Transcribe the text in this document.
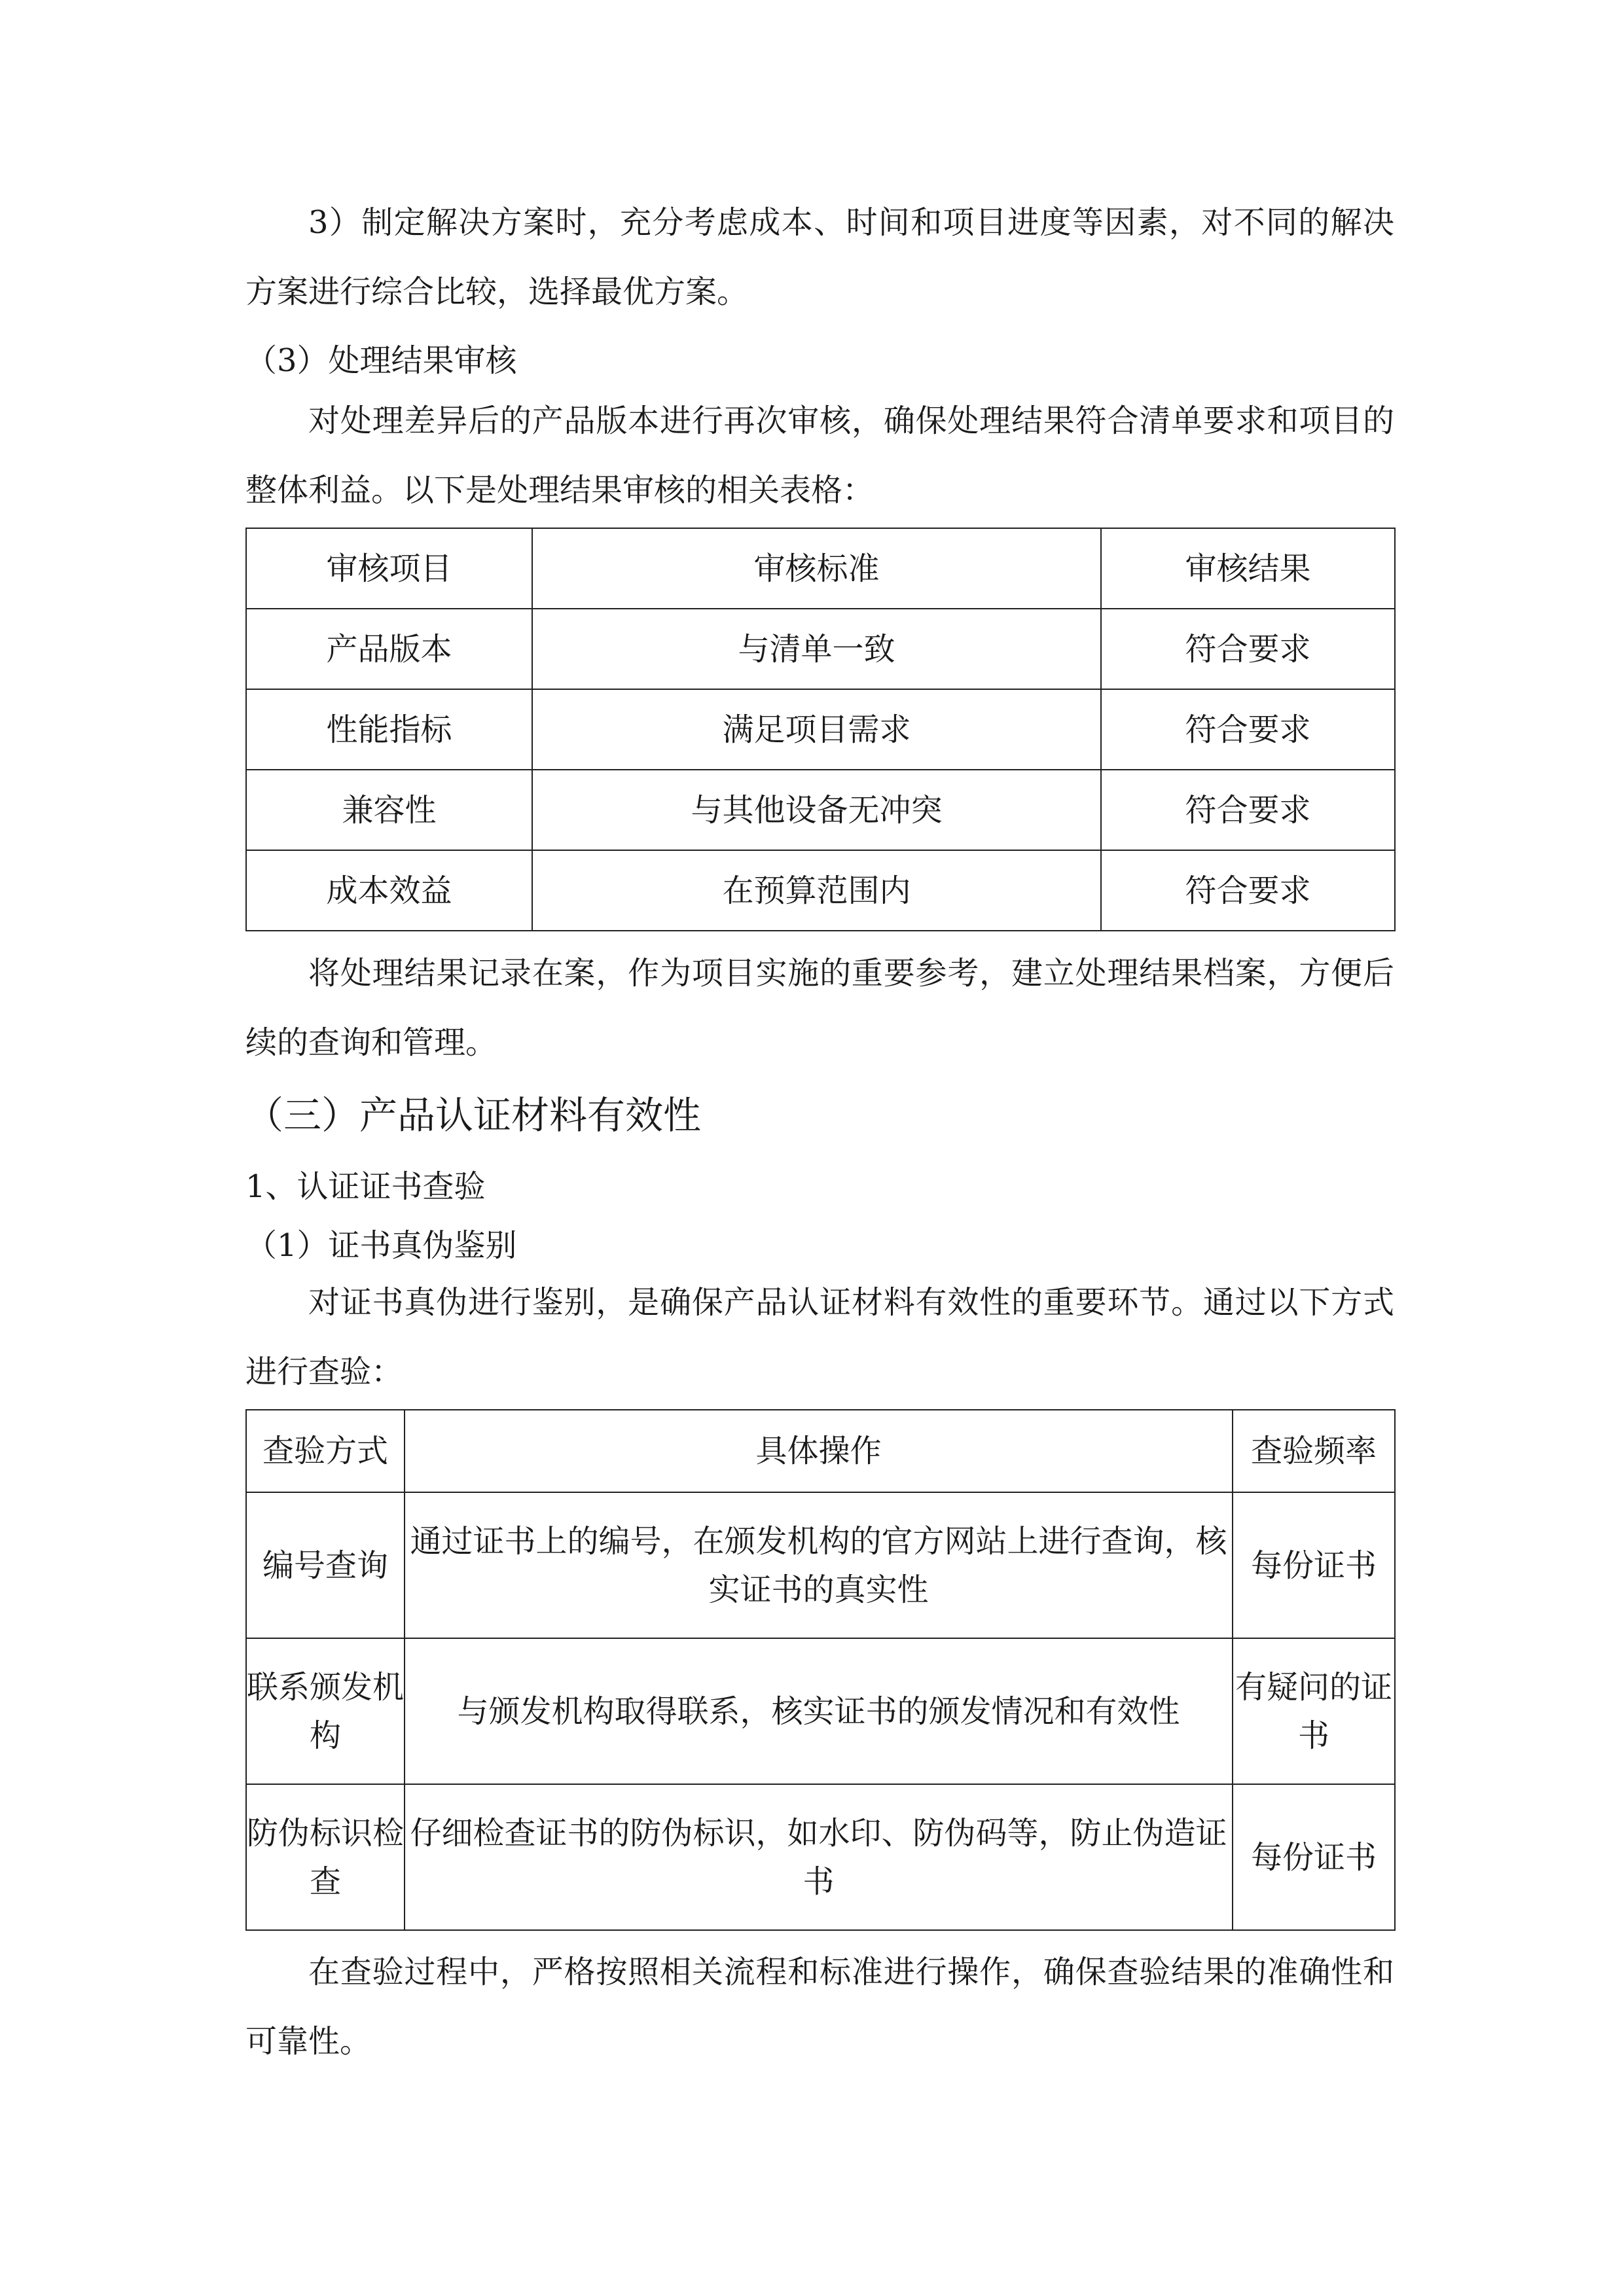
3）制定解决方案时，充分考虑成本、时间和项目进度等因素，对不同的解决方案进行综合比较，选择最优方案。

（3）处理结果审核

对处理差异后的产品版本进行再次审核，确保处理结果符合清单要求和项目的整体利益。以下是处理结果审核的相关表格：

审核项目	审核标准	审核结果
产品版本	与清单一致	符合要求
性能指标	满足项目需求	符合要求
兼容性	与其他设备无冲突	符合要求
成本效益	在预算范围内	符合要求

将处理结果记录在案，作为项目实施的重要参考，建立处理结果档案，方便后续的查询和管理。

（三）产品认证材料有效性

1、认证证书查验

（1）证书真伪鉴别

对证书真伪进行鉴别，是确保产品认证材料有效性的重要环节。通过以下方式进行查验：

查验方式	具体操作	查验频率
编号查询	通过证书上的编号，在颁发机构的官方网站上进行查询，核实证书的真实性	每份证书
联系颁发机构	与颁发机构取得联系，核实证书的颁发情况和有效性	有疑问的证书
防伪标识检查	仔细检查证书的防伪标识，如水印、防伪码等，防止伪造证书	每份证书

在查验过程中，严格按照相关流程和标准进行操作，确保查验结果的准确性和可靠性。
